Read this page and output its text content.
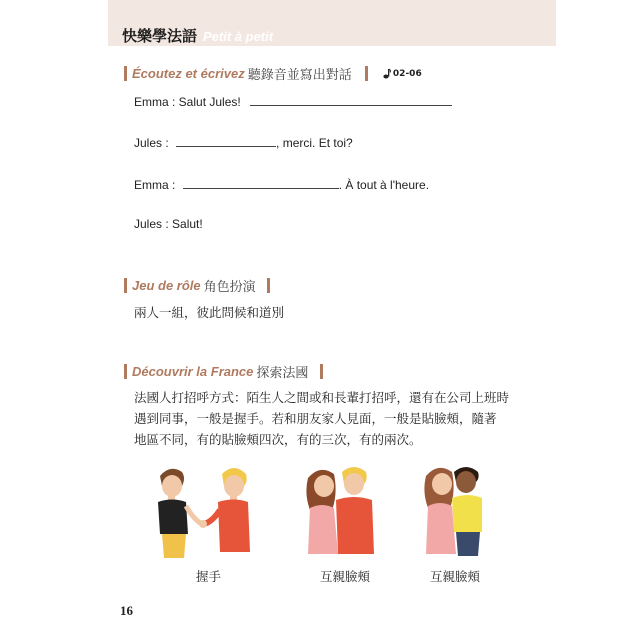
快樂學法語 Petit à petit
Écoutez et écrivez 聽錄音並寫出對話	02-06
Emma : Salut Jules!
Jules :	, merci. Et toi?
Emma :	. À tout à l'heure.
Jules : Salut!
Jeu de rôle 角色扮演
兩人一組，彼此問候和道別
Découvrir la France 探索法國
法國人打招呼方式：陌生人之間或和長輩打招呼，還有在公司上班時
遇到同事，一般是握手。若和朋友家人見面，一般是貼臉頰，隨著
地區不同，有的貼臉頰四次，有的三次，有的兩次。
握手	互親臉頰	互親臉頰
16
